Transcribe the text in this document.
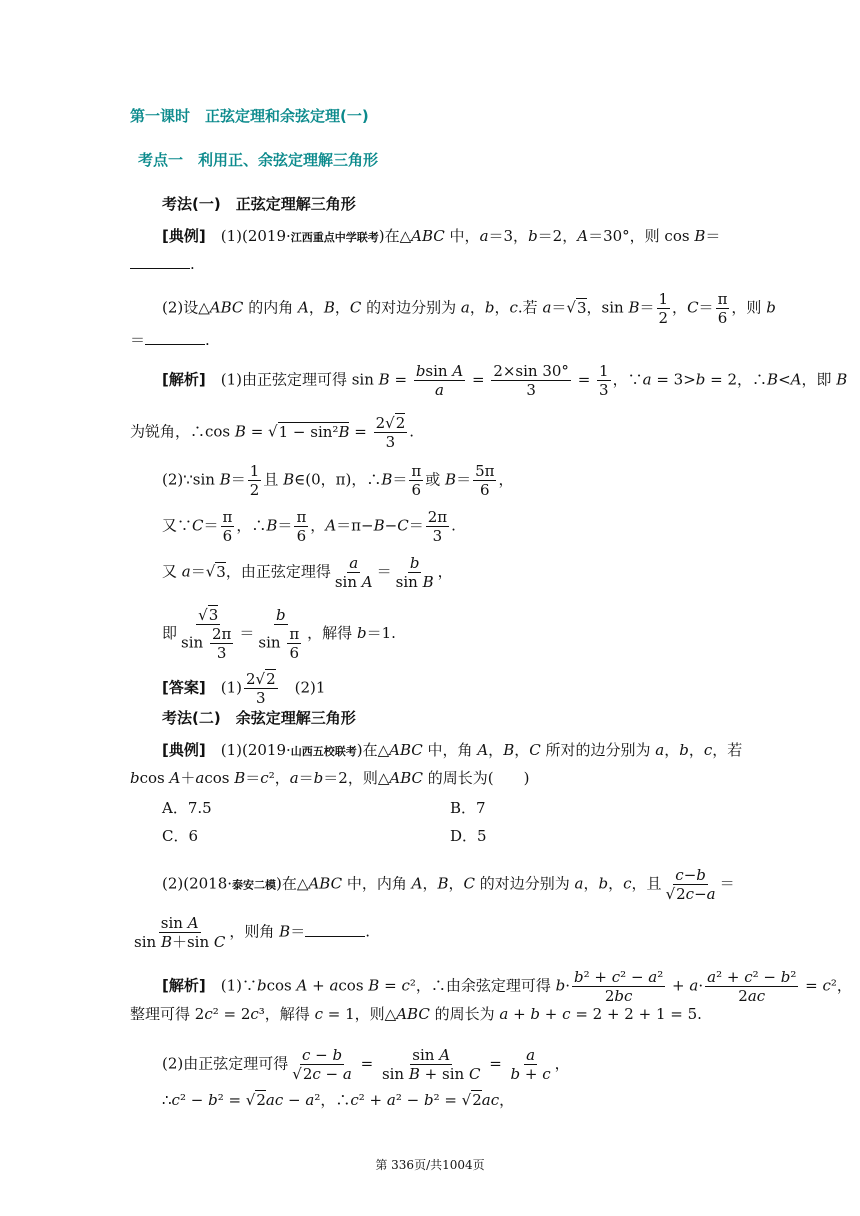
第一课时　正弦定理和余弦定理(一)
考点一　利用正、余弦定理解三角形
考法(一)　正弦定理解三角形
[典例]　(1)(2019·江西重点中学联考)在△ABC 中，a＝3，b＝2，A＝30°，则 cos B＝
.
(2)设△ABC 的内角 A，B，C 的对边分别为 a，b，c.若 a＝√3，$\sin B= \frac{1}{2}$ ，$C= \frac{\pi}{6}$ ，则 b
＝	.
[解析]　(1)由正弦定理可得 $\sin B = \frac{\text{bsin A}}{a} = \frac{2\times\sin 30^\circ}{3} = \frac{1}{3}$ ，∵a = 3>b = 2，∴B<A，即 B
为锐角，∴cos $B = √1 - \sin^2B = \frac{2√2}{3}$ .
(2)∵sin $B= \frac{1}{2}$ 且 B∈(0，π)，∴B＝ $\frac{\pi}{6}$ 或 $B= \frac{5\pi}{6}$ ，
又∵C＝ $\frac{\pi}{6}$ ，∴B＝ $\frac{\pi}{6}$ ，$A=\pi-B-C= \frac{2\pi}{3}$ .
又 a＝√3，由正弦定理得 $\frac{a}{\text{sin A}} = \frac{b}{\text{sin B}}$ ，
即 $\frac{√3}{\sin \frac{2\pi}{3}} = \frac{b}{\sin \frac{\pi}{6}}$ ，解得 b＝1.
[答案]　$(1) \frac{2√2}{3}$ 　(2)1
考法(二)　余弦定理解三角形
[典例]　(1)(2019·山西五校联考)在△ABC 中，角 A，B，C 所对的边分别为 a，b，c，若
bcos A＋acos B＝c²，a＝b＝2，则△ABC 的周长为(　　)
A．7.5	B．7
C．6	D．5
(2)(2018·泰安二模)在△ABC 中，内角 A，B，C 的对边分别为 a，b，c，且 $\frac{c-b}{√2c-a}$ ＝
$\frac{\text{sin A}}{\text{sin B＋sin C}}$ ，则角 B＝	.
[解析]　(1)∵bcos A + acos B = c²，∴由余弦定理可得 $b\cdot \frac{\text{b² + c² − a²}}{2bc} + a\cdot \frac{\text{a² + c² − b²}}{2ac} = c^2$，
整理可得 2c² = 2c³，解得 c = 1，则△ABC 的周长为 a + b + c = 2 + 2 + 1 = 5.
(2)由正弦定理可得 $\frac{c - b}{√2c - a} = \frac{\text{sin A}}{\text{sin B + sin C}} = \frac{a}{b + c}$ ，
∴c² − b² = √2ac − a²，∴c² + a² − b² = √2ac，
第 336页/共1004页
